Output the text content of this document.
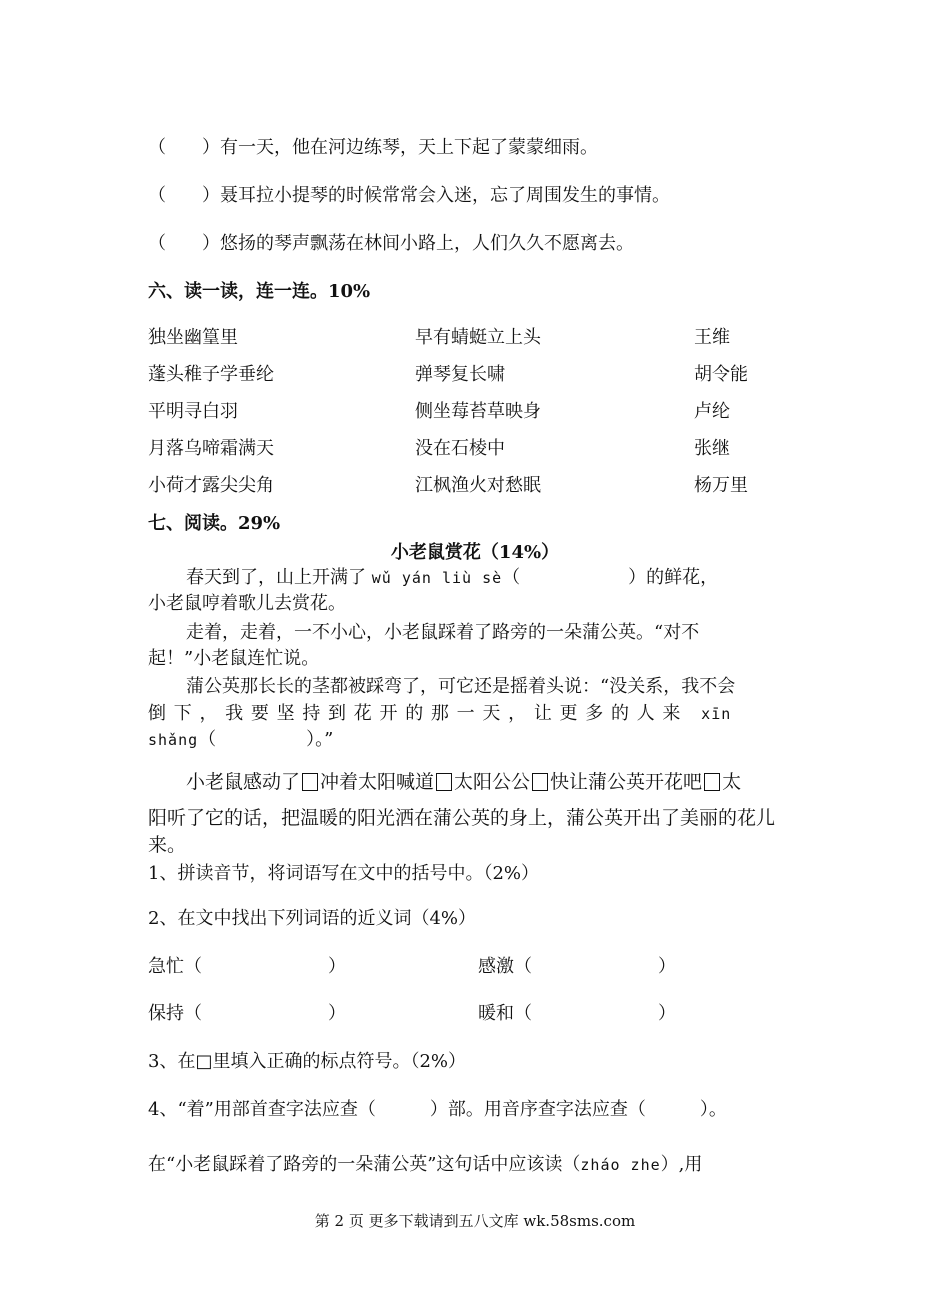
（　　）有一天，他在河边练琴，天上下起了蒙蒙细雨。
（　　）聂耳拉小提琴的时候常常会入迷，忘了周围发生的事情。
（　　）悠扬的琴声飘荡在林间小路上，人们久久不愿离去。
六、读一读，连一连。10%
独坐幽篁里
蓬头稚子学垂纶
平明寻白羽
月落乌啼霜满天
小荷才露尖尖角
早有蜻蜓立上头
弹琴复长啸
侧坐莓苔草映身
没在石棱中
江枫渔火对愁眠
王维
胡令能
卢纶
张继
杨万里
七、阅读。29%
小老鼠赏花（14%）
春天到了，山上开满了 wǔ yán liù sè（　　　　　　）的鲜花，
小老鼠哼着歌儿去赏花。
走着，走着，一不小心，小老鼠踩着了路旁的一朵蒲公英。“对不
起！”小老鼠连忙说。
蒲公英那长长的茎都被踩弯了，可它还是摇着头说：“没关系，我不会
倒 下 ， 我 要 坚 持 到 花 开 的 那 一 天 ， 让 更 多 的 人 来 xīn
shǎng（　　　　　）。”
小老鼠感动了 冲着太阳喊道 太阳公公 快让蒲公英开花吧 太
阳听了它的话，把温暖的阳光洒在蒲公英的身上，蒲公英开出了美丽的花儿
来。
1、拼读音节，将词语写在文中的括号中。（2%）
2、在文中找出下列词语的近义词（4%）
急忙（　　　　　　　）	感激（　　　　　　　）
保持（　　　　　　　）	暖和（　　　　　　　）
3、在□里填入正确的标点符号。（2%）
4、“着”用部首查字法应查（　　　）部。用音序查字法应查（　　　）。
在“小老鼠踩着了路旁的一朵蒲公英”这句话中应该读（zháo zhe）,用
第 2 页 更多下载请到五八文库 wk.58sms.com
